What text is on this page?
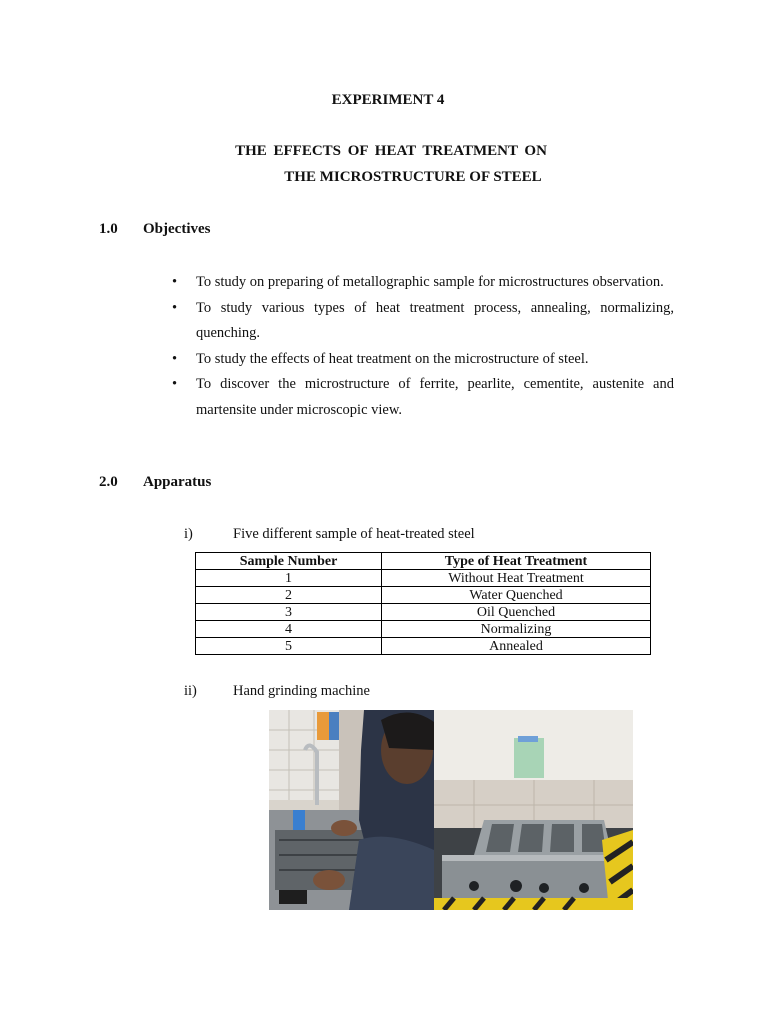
EXPERIMENT 4
THE EFFECTS OF HEAT TREATMENT ON
THE MICROSTRUCTURE OF STEEL
1.0 Objectives
• To study on preparing of metallographic sample for microstructures observation.
• To study various types of heat treatment process, annealing, normalizing, quenching.
• To study the effects of heat treatment on the microstructure of steel.
• To discover the microstructure of ferrite, pearlite, cementite, austenite and martensite under microscopic view.
2.0 Apparatus
i)	Five different sample of heat-treated steel
Sample Number	Type of Heat Treatment
1	Without Heat Treatment
2	Water Quenched
3	Oil Quenched
4	Normalizing
5	Annealed
ii) Hand grinding machine
